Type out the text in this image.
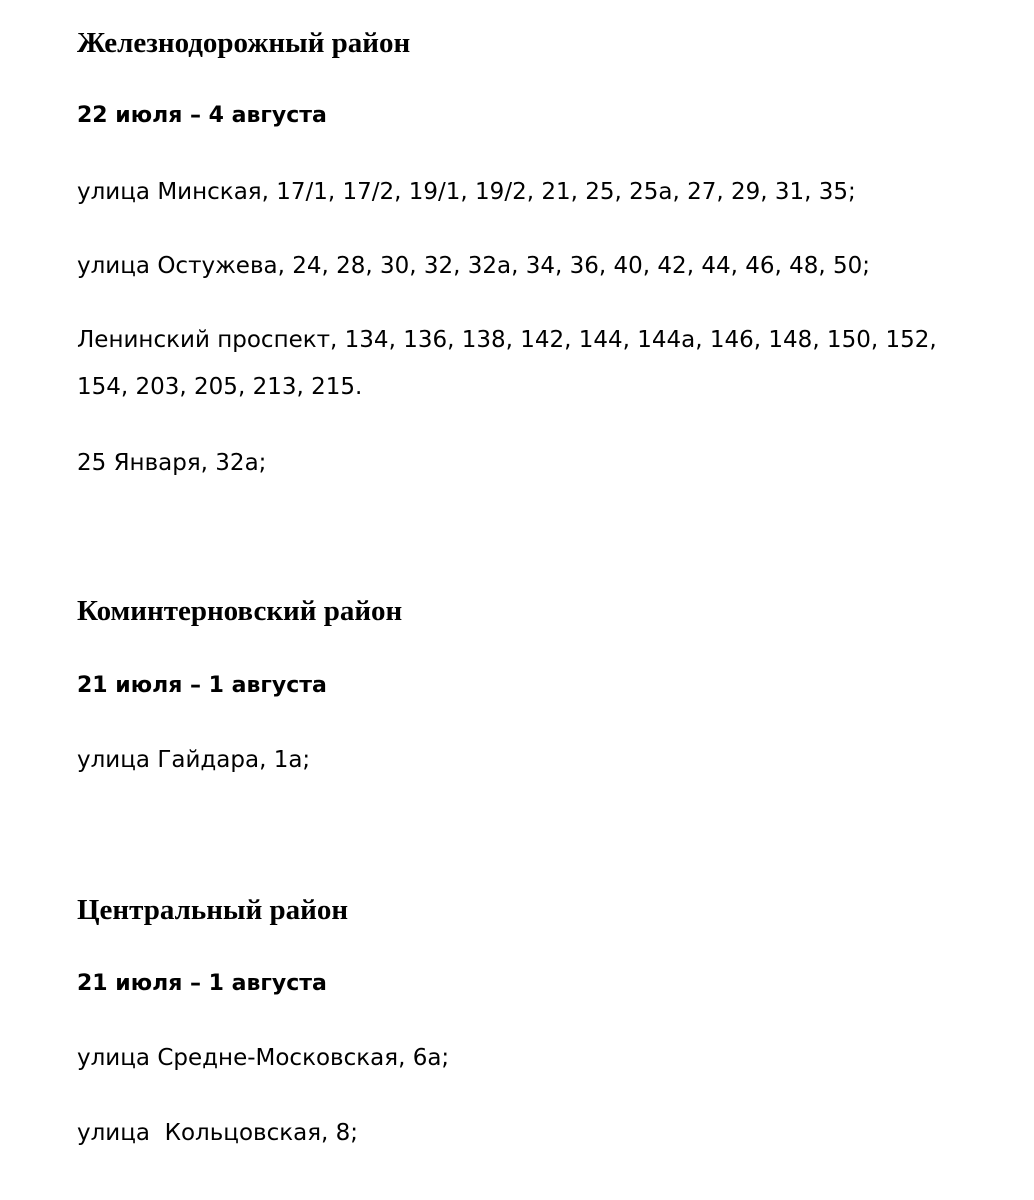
Железнодорожный район

22 июля – 4 августа

улица Минская, 17/1, 17/2, 19/1, 19/2, 21, 25, 25а, 27, 29, 31, 35;

улица Остужева, 24, 28, 30, 32, 32а, 34, 36, 40, 42, 44, 46, 48, 50;

Ленинский проспект, 134, 136, 138, 142, 144, 144а, 146, 148, 150, 152,

154, 203, 205, 213, 215.

25 Января, 32а;

Коминтерновский район

21 июля – 1 августа

улица Гайдара, 1а;

Центральный район

21 июля – 1 августа

улица Средне-Московская, 6а;

улица  Кольцовская, 8;
